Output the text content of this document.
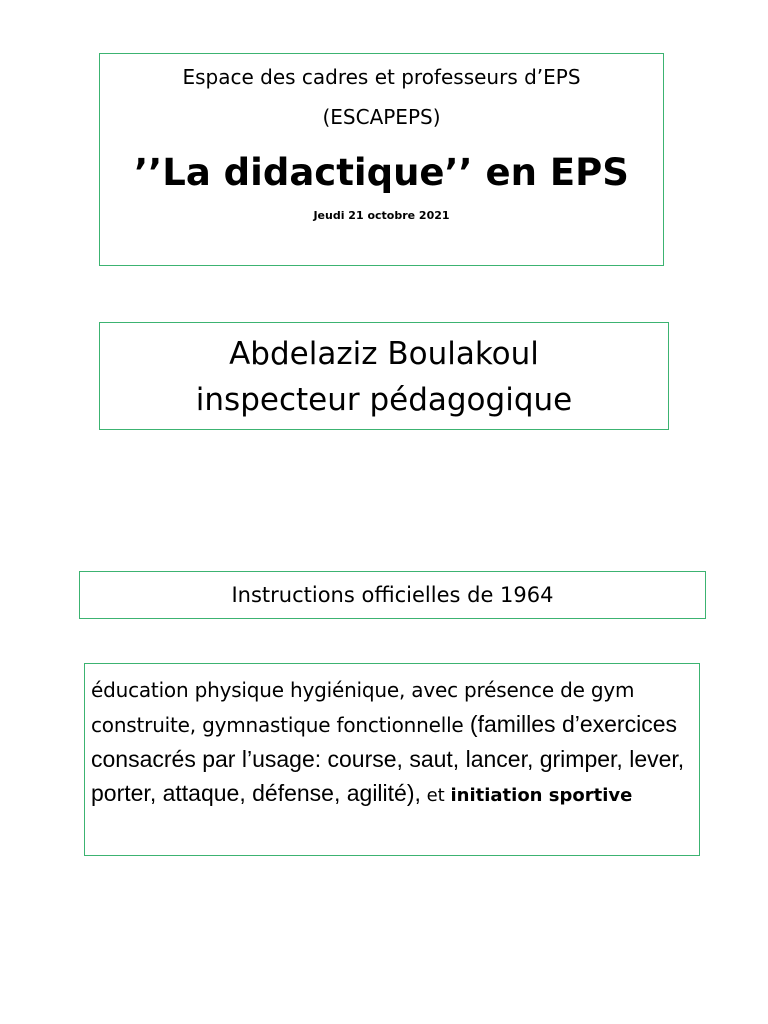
Espace des cadres et professeurs d’EPS
(ESCAPEPS)
’’La didactique’’ en EPS
Jeudi 21 octobre 2021
Abdelaziz Boulakoul
inspecteur pédagogique
Instructions officielles de 1964
éducation physique hygiénique, avec présence de gym construite, gymnastique fonctionnelle (familles d’exercices consacrés par l’usage: course, saut, lancer, grimper, lever, porter, attaque, défense, agilité), et initiation sportive
